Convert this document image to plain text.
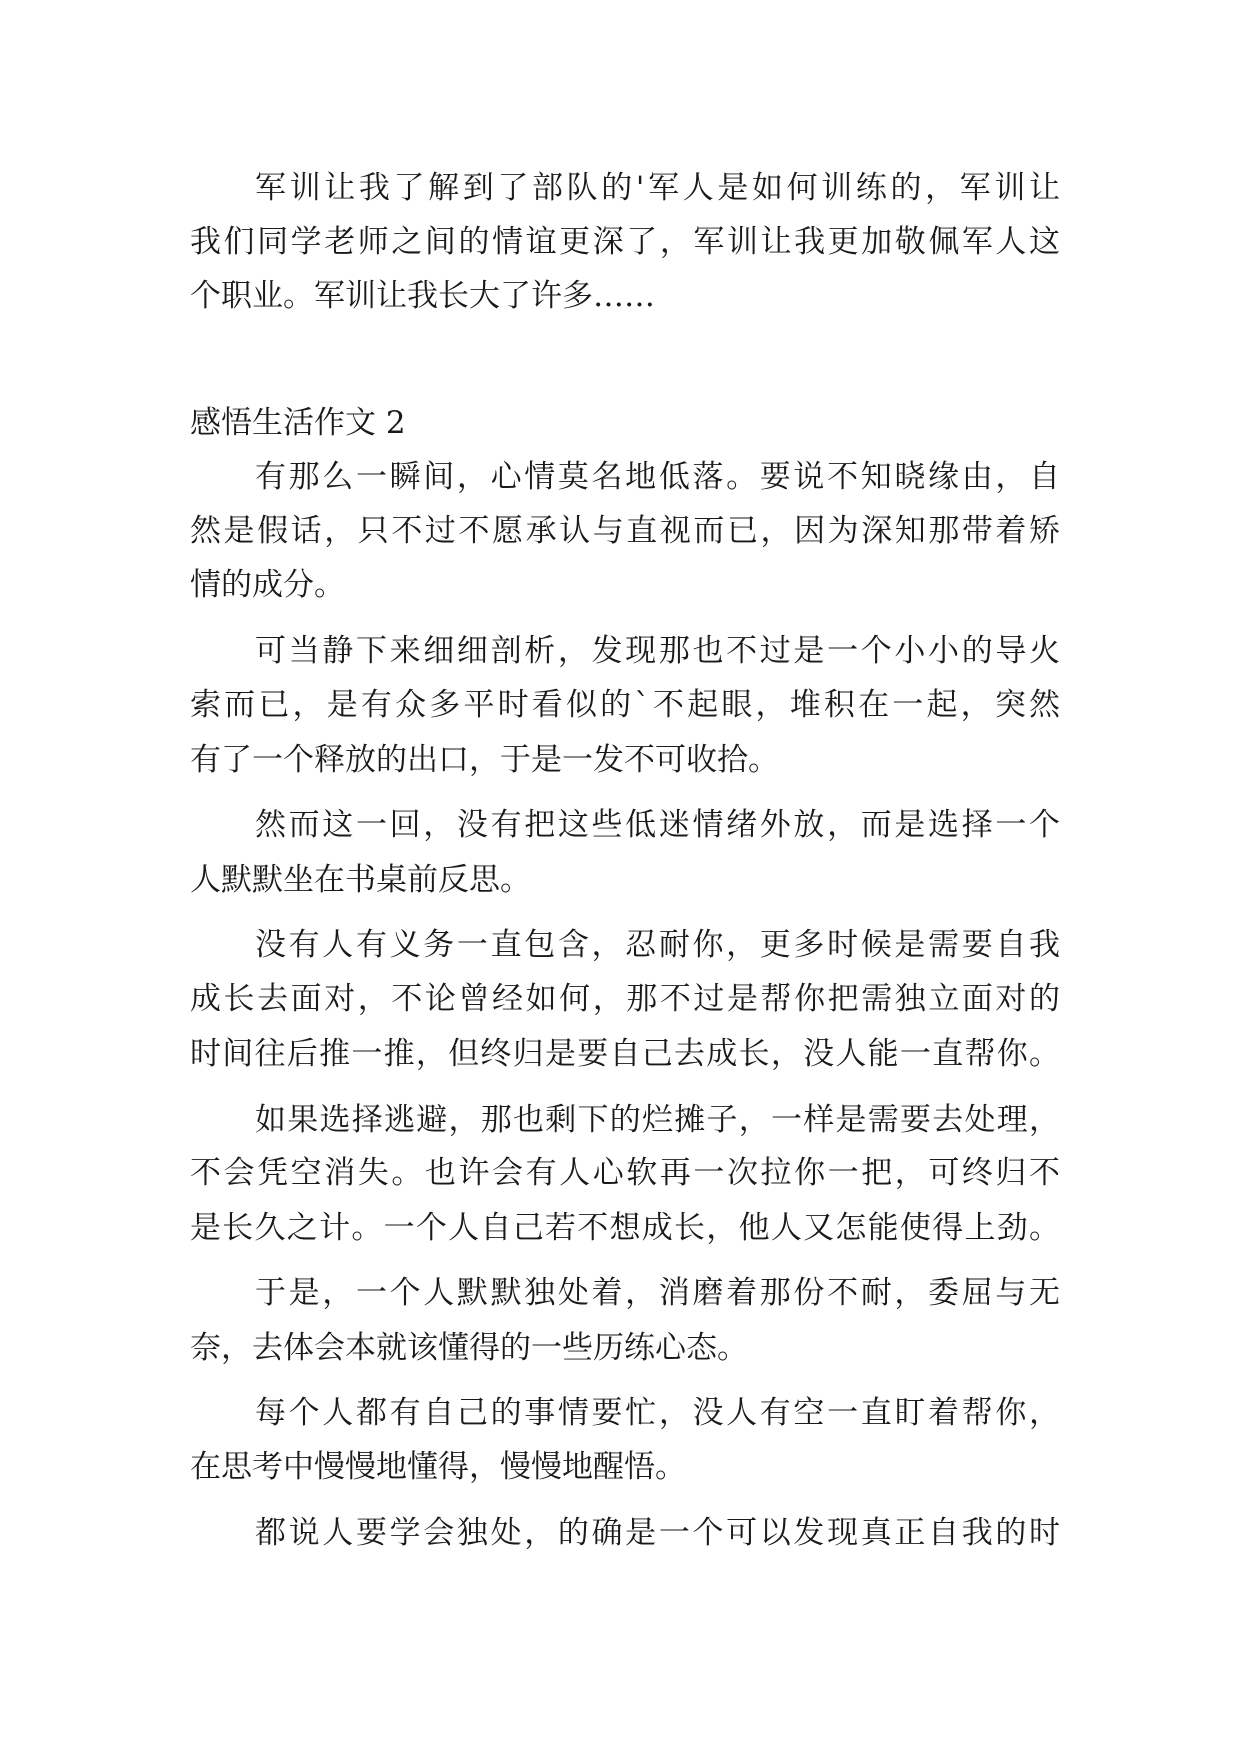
军训让我了解到了部队的'军人是如何训练的，军训让
我们同学老师之间的情谊更深了，军训让我更加敬佩军人这
个职业。军训让我长大了许多……
感悟生活作文 2
有那么一瞬间，心情莫名地低落。要说不知晓缘由，自
然是假话，只不过不愿承认与直视而已，因为深知那带着矫
情的成分。
可当静下来细细剖析，发现那也不过是一个小小的导火
索而已，是有众多平时看似的`不起眼，堆积在一起，突然
有了一个释放的出口，于是一发不可收拾。
然而这一回，没有把这些低迷情绪外放，而是选择一个
人默默坐在书桌前反思。
没有人有义务一直包含，忍耐你，更多时候是需要自我
成长去面对，不论曾经如何，那不过是帮你把需独立面对的
时间往后推一推，但终归是要自己去成长，没人能一直帮你。
如果选择逃避，那也剩下的烂摊子，一样是需要去处理，
不会凭空消失。也许会有人心软再一次拉你一把，可终归不
是长久之计。一个人自己若不想成长，他人又怎能使得上劲。
于是，一个人默默独处着，消磨着那份不耐，委屈与无
奈，去体会本就该懂得的一些历练心态。
每个人都有自己的事情要忙，没人有空一直盯着帮你，
在思考中慢慢地懂得，慢慢地醒悟。
都说人要学会独处，的确是一个可以发现真正自我的时
